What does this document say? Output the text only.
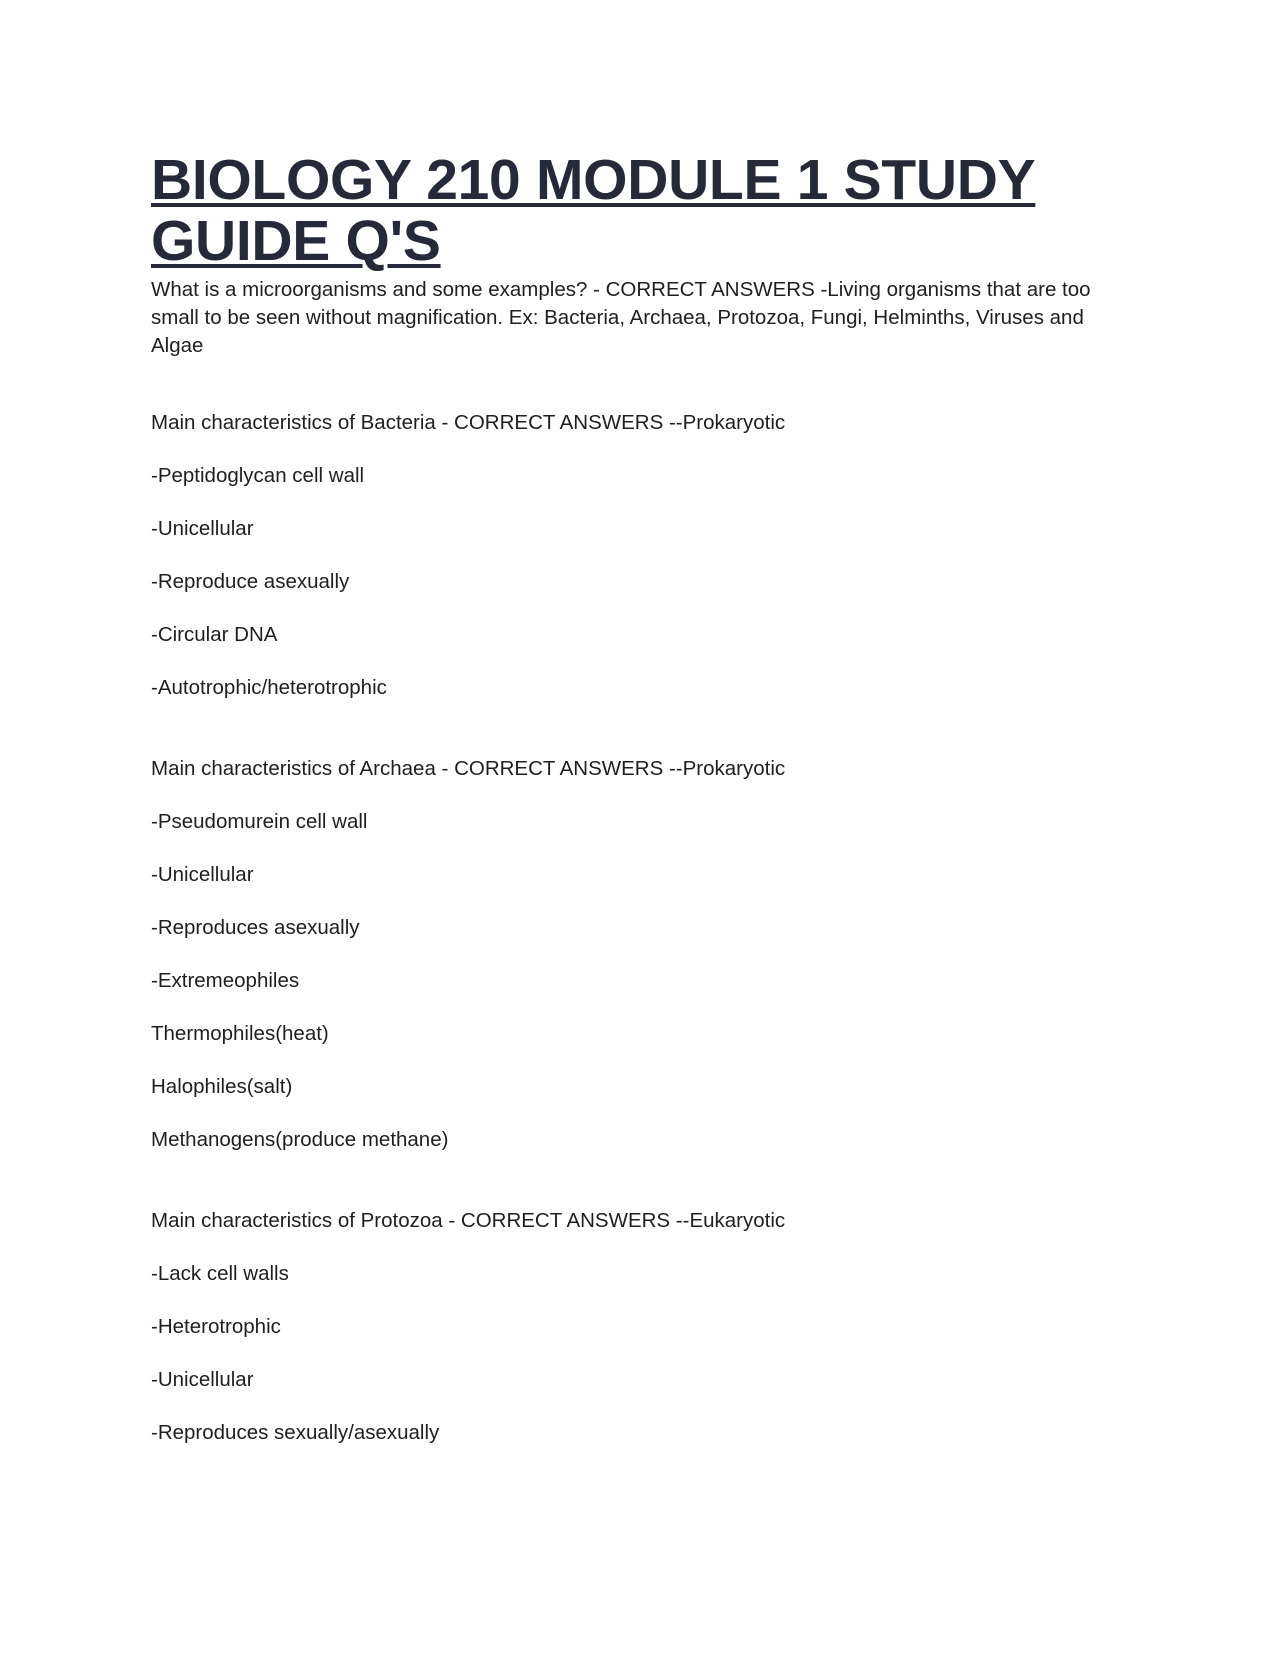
BIOLOGY 210 MODULE 1 STUDY GUIDE Q'S

What is a microorganisms and some examples? - CORRECT ANSWERS -Living organisms that are too small to be seen without magnification. Ex: Bacteria, Archaea, Protozoa, Fungi, Helminths, Viruses and Algae

Main characteristics of Bacteria - CORRECT ANSWERS --Prokaryotic
-Peptidoglycan cell wall
-Unicellular
-Reproduce asexually
-Circular DNA
-Autotrophic/heterotrophic
Main characteristics of Archaea - CORRECT ANSWERS --Prokaryotic
-Pseudomurein cell wall
-Unicellular
-Reproduces asexually
-Extremeophiles
Thermophiles(heat)
Halophiles(salt)
Methanogens(produce methane)
Main characteristics of Protozoa - CORRECT ANSWERS --Eukaryotic
-Lack cell walls
-Heterotrophic
-Unicellular
-Reproduces sexually/asexually
